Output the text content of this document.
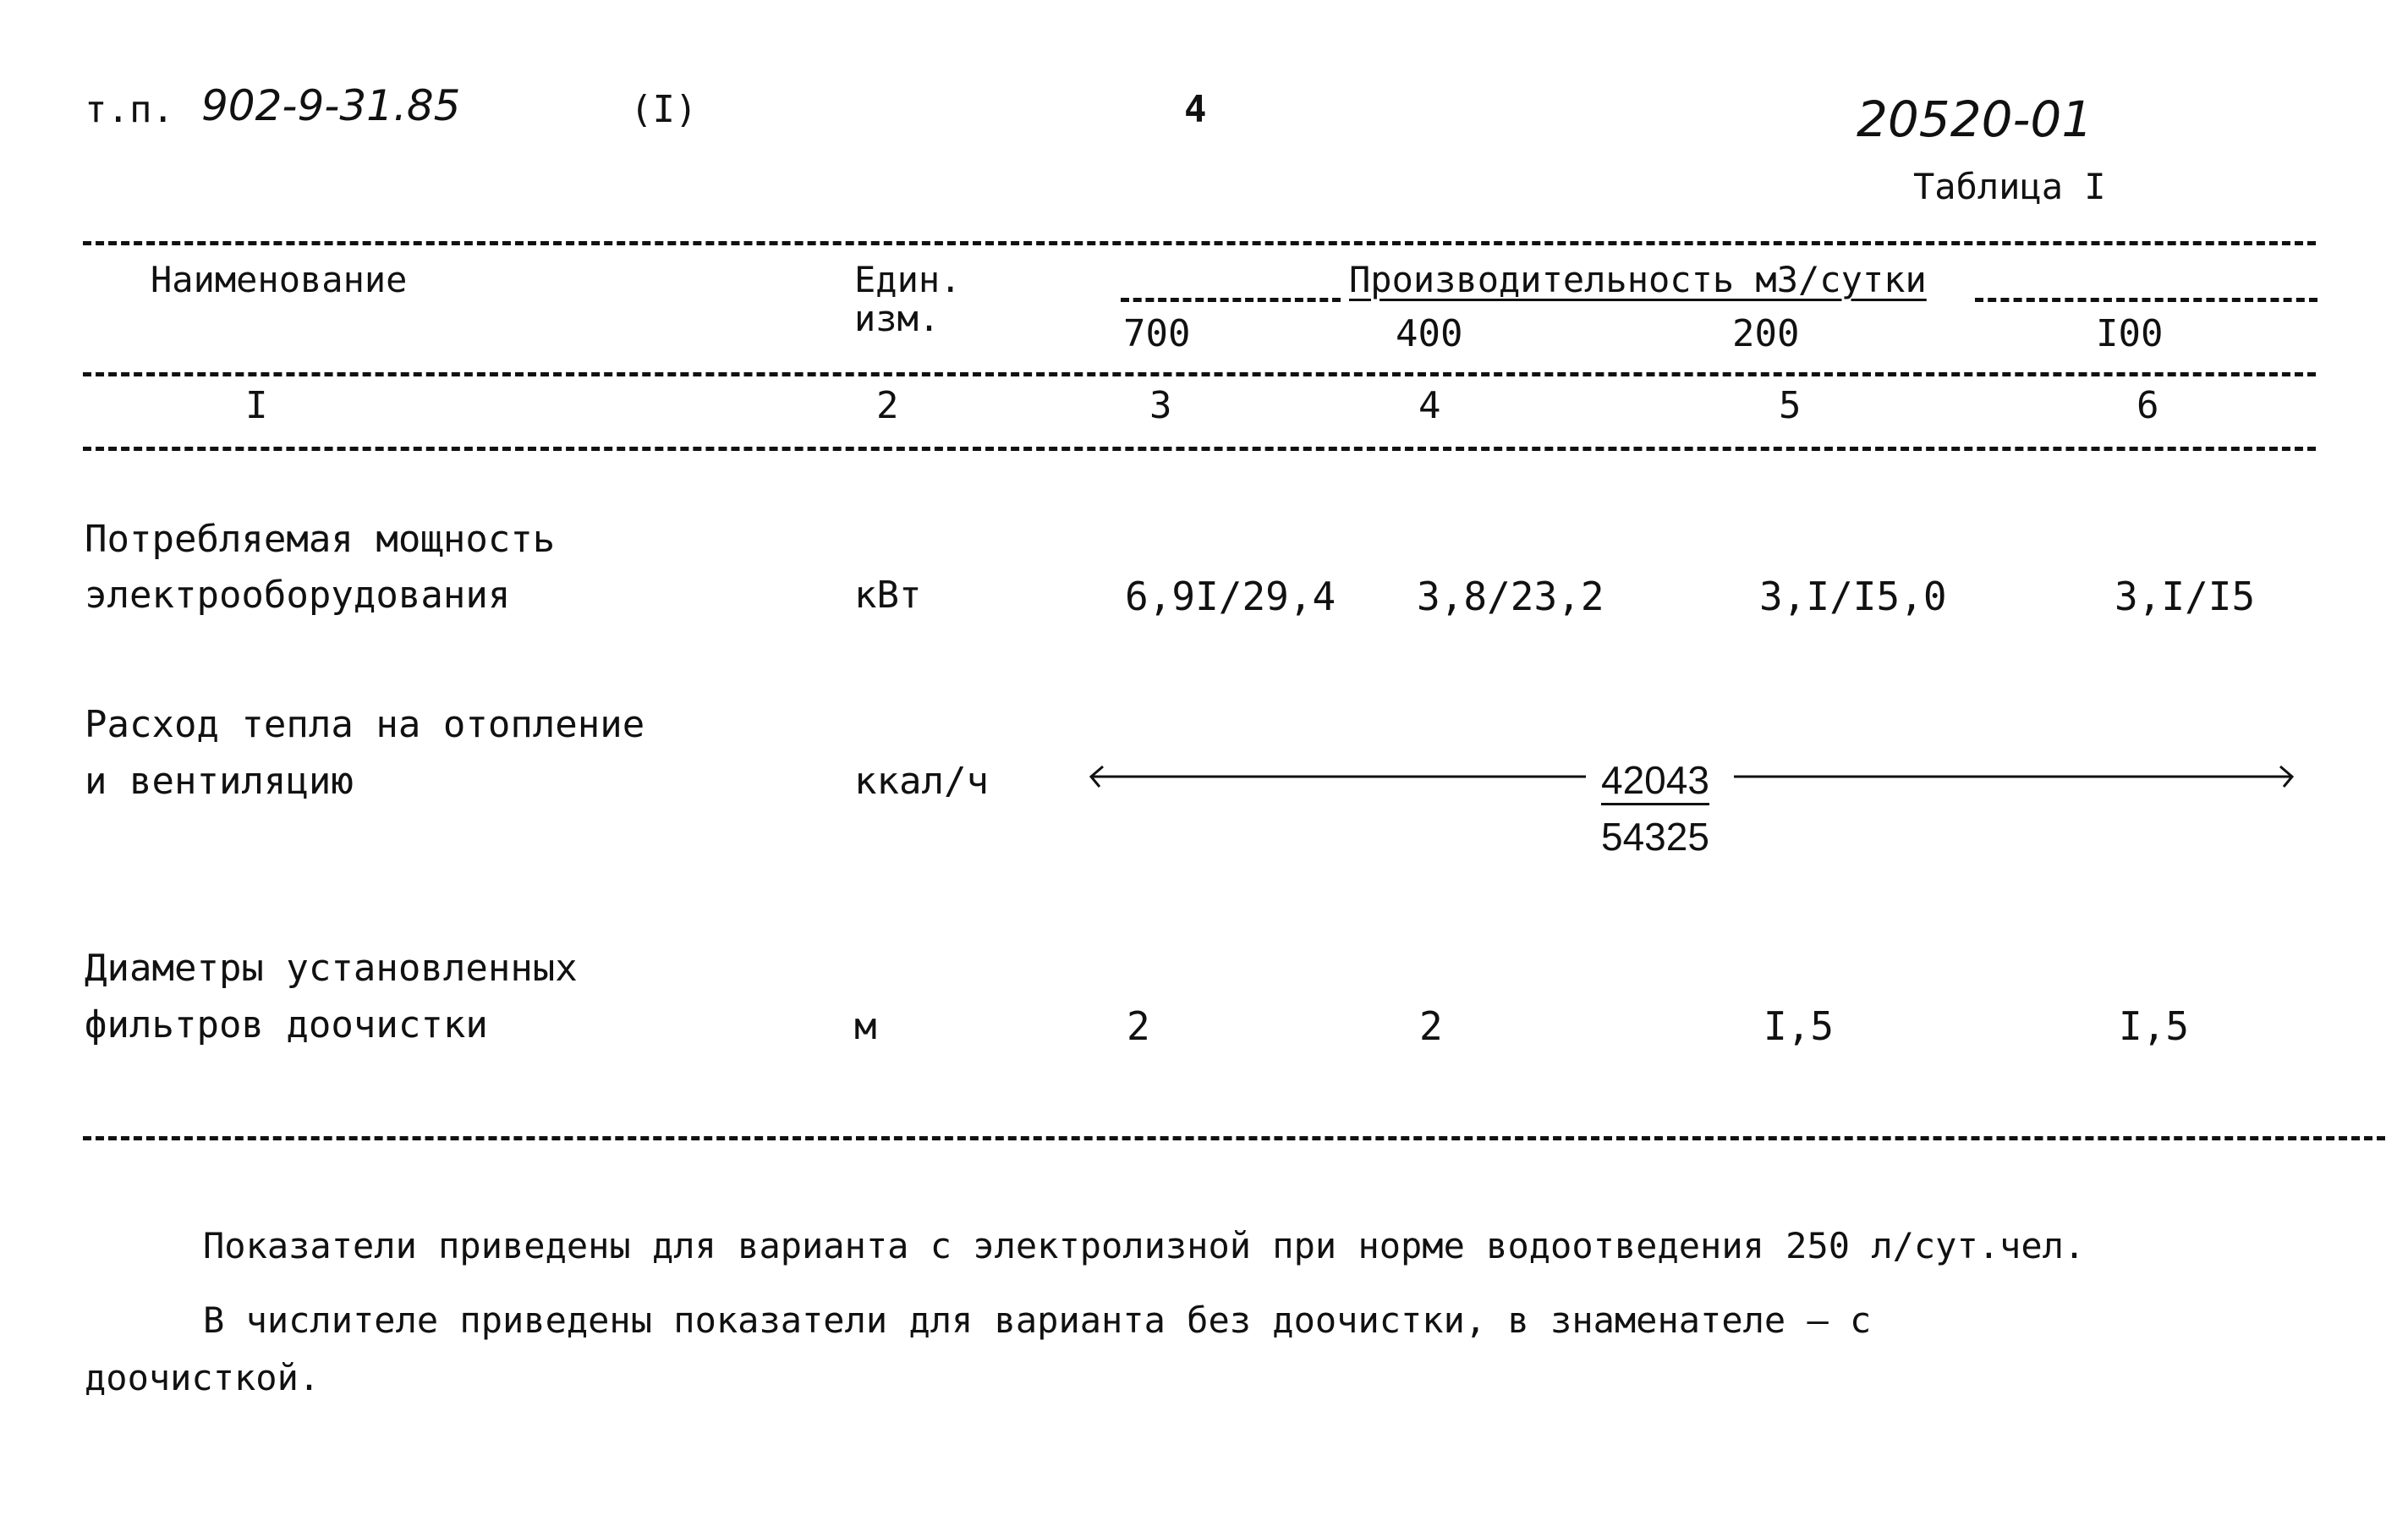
т.п. 902-9-31.85	(I)	4	20520-01
Таблица I
Наименование	Един.
изм.
Производительность м3/сутки
700	400	200	I00
I	2	3	4	5	6
Потребляемая мощность
электрооборудования	кВт	6,9I/29,4 3,8/23,2	3,I/I5,0	3,I/I5
Расход тепла на отопление
и вентиляцию	ккал/ч	42043
54325
Диаметры установленных
фильтров доочистки	м	2	2	I,5	I,5
Показатели приведены для варианта с электролизной при норме водоотведения 250 л/сут.чел.
В числителе приведены показатели для варианта без доочистки, в знаменателе – с
доочисткой.
